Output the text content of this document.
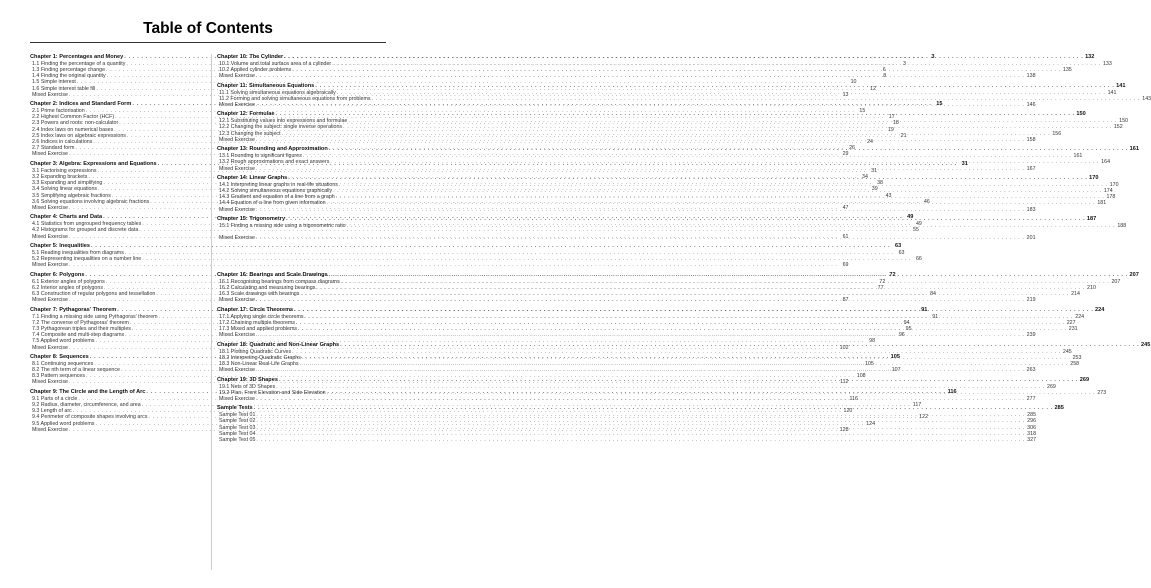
Table of Contents
Chapter 1: Percentages and Money . . .	3
1.1 Finding the percentage of a quantity . . .	3
1.3 Finding percentage change . . .	6
1.4 Finding the original quantity . . .	8
1.5 Simple interest . . .	10
1.6 Simple interest table fill . . .	12
Mixed Exercise . . .	13
Chapter 2: Indices and Standard Form . . .	15
2.1 Prime factorisation . . .	15
2.2 Highest Common Factor (HCF) . . .	17
2.3 Powers and roots: non-calculator . . .	18
2.4 Index laws on numerical bases . . .	19
2.5 Index laws on algebraic expressions . . .	21
2.6 Indices in calculations . . .	24
2.7 Standard form . . .	26
Mixed Exercise . . .	29
Chapter 3: Algebra: Expressions and Equations . . .	31
3.1 Factorising expressions . . .	31
3.2 Expanding brackets . . .	34
3.3 Expanding and simplifying . . .	38
3.4 Solving linear equations . . .	39
3.5 Simplifying algebraic fractions . . .	43
3.6 Solving equations involving algebraic fractions . . .	46
Mixed Exercise . . .	47
Chapter 4: Charts and Data . . .	49
4.1 Statistics from ungrouped frequency tables . . .	49
4.2 Histograms for grouped and discrete data . . .	55
Mixed Exercise . . .	61
Chapter 5: Inequalities . . .	63
5.1 Reading inequalities from diagrams . . .	63
5.2 Representing inequalities on a number line . . .	66
Mixed Exercise . . .	69
Chapter 6: Polygons . . .	72
6.1 Exterior angles of polygons . . .	72
6.2 Interior angles of polygons . . .	77
6.3 Construction of regular polygons and tessellation . . .	84
Mixed Exercise . . .	87
Chapter 7: Pythagoras' Theorem . . .	91
7.1 Finding a missing side using Pythagoras' theorem . . .	91
7.2 The converse of Pythagoras' theorem . . .	94
7.3 Pythagorean triples and their multiples . . .	95
7.4 Composite and multi-step diagrams . . .	96
7.5 Applied word problems . . .	98
Mixed Exercise . . .	102
Chapter 8: Sequences . . .	105
8.1 Continuing sequences . . .	105
8.2 The nth term of a linear sequence . . .	107
8.3 Pattern sequences . . .	108
Mixed Exercise . . .	112
Chapter 9: The Circle and the Length of Arc . . .	116
9.1 Parts of a circle . . .	116
9.2 Radius, diameter, circumference, and area . . .	117
9.3 Length of arc . . .	120
9.4 Perimeter of composite shapes involving arcs . . .	122
9.5 Applied word problems . . .	124
Mixed Exercise . . .	128
Chapter 10: The Cylinder . . .	132
10.1 Volume and total surface area of a cylinder . . .	133
10.2 Applied cylinder problems . . .	135
Mixed Exercise . . .	138
Chapter 11: Simultaneous Equations . . .	141
11.1 Solving simultaneous equations algebraically . . .	141
11.2 Forming and solving simultaneous equations from problems . . .	143
Mixed Exercise . . .	146
Chapter 12: Formulae . . .	150
12.1 Substituting values into expressions and formulae . . .	150
12.2 Changing the subject: single inverse operations . . .	152
12.3 Changing the subject . . .	156
Mixed Exercise . . .	158
Chapter 13: Rounding and Approximation . . .	161
13.1 Rounding to significant figures . . .	161
13.2 Rough approximations and exact answers . . .	164
Mixed Exercise . . .	167
Chapter 14: Linear Graphs . . .	170
14.1 Interpreting linear graphs in real-life situations . . .	170
14.2 Solving simultaneous equations graphically . . .	174
14.3 Gradient and equation of a line from a graph . . .	178
14.4 Equation of a line from given information . . .	181
Mixed Exercise . . .	183
Chapter 15: Trigonometry . . .	187
15.1 Finding a missing side using a trigonometric ratio . . .	188
Mixed Exercise . . .	201
Chapter 16: Bearings and Scale Drawings . . .	207
16.1 Recognising bearings from compass diagrams . . .	207
16.2 Calculating and measuring bearings . . .	210
16.3 Scale drawings with bearings . . .	214
Mixed Exercise . . .	219
Chapter 17: Circle Theorems . . .	224
17.1 Applying single circle theorems . . .	224
17.2 Chaining multiple theorems . . .	227
17.3 Mixed and applied problems . . .	231
Mixed Exercise . . .	239
Chapter 18: Quadratic and Non-Linear Graphs . . .	245
18.1 Plotting Quadratic Curves . . .	245
18.2 Interpreting Quadratic Graphs . . .	253
18.3 Non-Linear Real-Life Graphs . . .	258
Mixed Exercise . . .	263
Chapter 19: 3D Shapes . . .	269
19.1 Nets of 3D Shapes . . .	269
19.2 Plan, Front Elevation and Side Elevation . . .	273
Mixed Exercise . . .	277
Sample Tests . . .	285
Sample Test 01 . . .	285
Sample Test 02 . . .	296
Sample Test 03 . . .	306
Sample Test 04 . . .	318
Sample Test 05 . . .	327
